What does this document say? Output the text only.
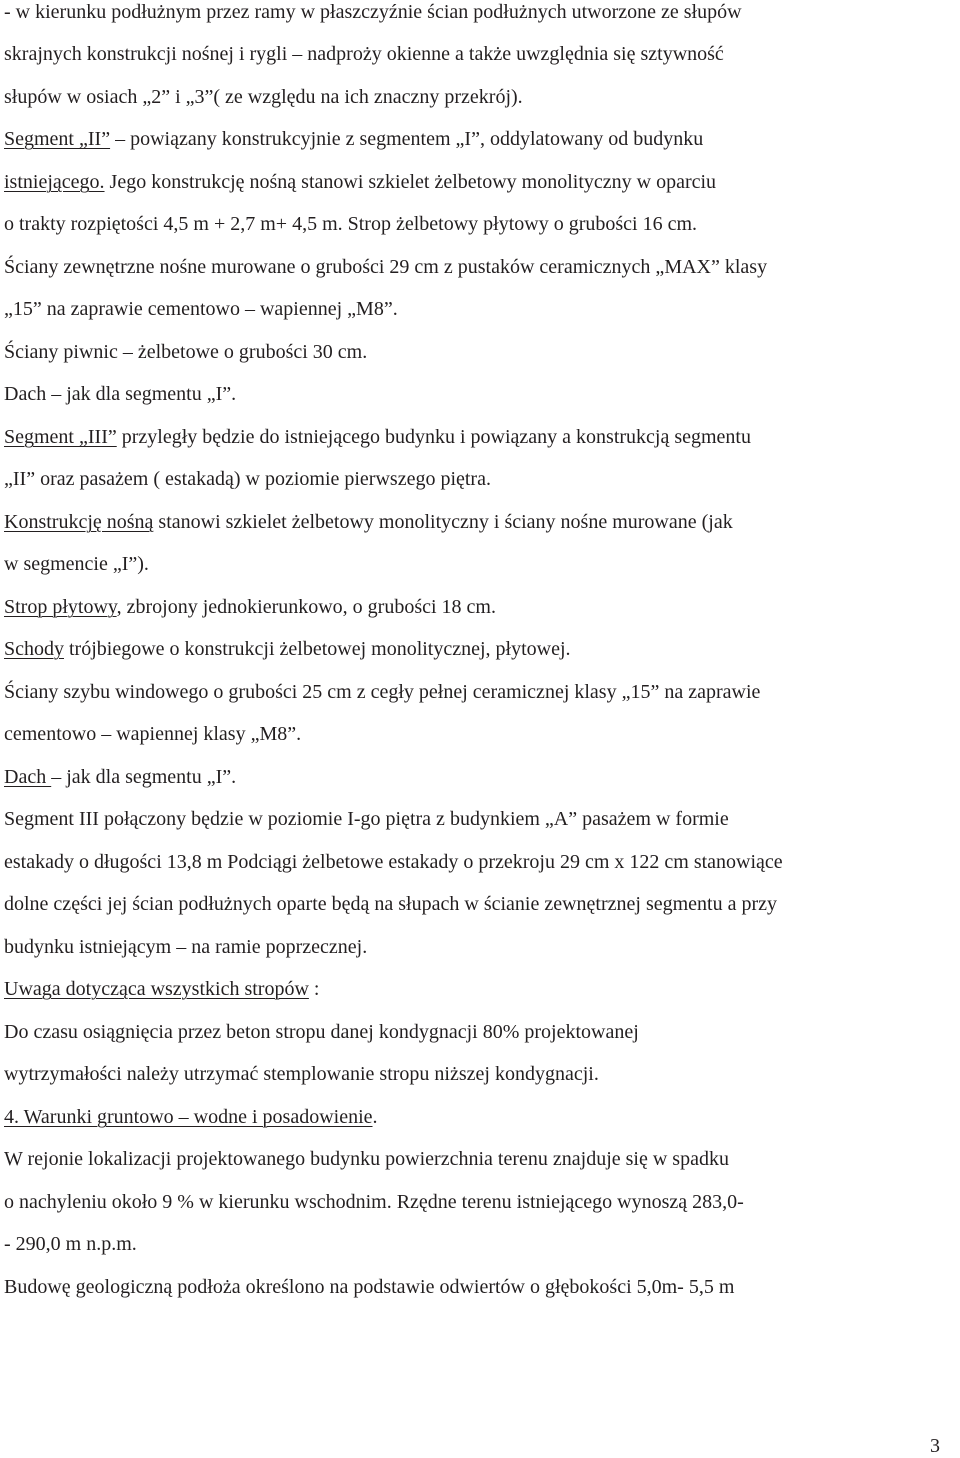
- w kierunku podłużnym przez ramy w płaszczyźnie ścian podłużnych utworzone ze słupów
skrajnych konstrukcji nośnej i rygli – nadproży okienne a także uwzględnia się sztywność
słupów w osiach „2” i „3”( ze względu na ich znaczny przekrój).
Segment „II” – powiązany konstrukcyjnie z segmentem „I”, oddylatowany od budynku
istniejącego. Jego konstrukcję nośną stanowi szkielet żelbetowy monolityczny w oparciu
o trakty rozpiętości 4,5 m + 2,7 m+ 4,5 m. Strop żelbetowy płytowy o grubości 16 cm.
Ściany zewnętrzne nośne murowane o grubości 29 cm z pustaków ceramicznych „MAX” klasy
„15” na zaprawie cementowo – wapiennej „M8”.
Ściany piwnic – żelbetowe o grubości 30 cm.
Dach – jak dla segmentu „I”.
Segment „III” przyległy będzie do istniejącego budynku i powiązany a konstrukcją segmentu
„II” oraz pasażem ( estakadą) w poziomie pierwszego piętra.
Konstrukcję nośną stanowi szkielet żelbetowy monolityczny i ściany nośne murowane (jak
w segmencie „I”).
Strop płytowy, zbrojony jednokierunkowo, o grubości 18 cm.
Schody trójbiegowe o konstrukcji żelbetowej monolitycznej, płytowej.
Ściany szybu windowego o grubości 25 cm z cegły pełnej ceramicznej klasy „15” na zaprawie
cementowo – wapiennej klasy „M8”.
Dach – jak dla segmentu „I”.
Segment III połączony będzie w poziomie I-go piętra z budynkiem „A” pasażem w formie
estakady o długości 13,8 m Podciągi żelbetowe estakady o przekroju 29 cm x 122 cm stanowiące
dolne części jej ścian podłużnych oparte będą na słupach w ścianie zewnętrznej segmentu a przy
budynku istniejącym – na ramie poprzecznej.
Uwaga dotycząca wszystkich stropów :
Do czasu osiągnięcia przez beton stropu danej kondygnacji 80% projektowanej
wytrzymałości należy utrzymać stemplowanie stropu niższej kondygnacji.
4. Warunki gruntowo – wodne i posadowienie.
W rejonie lokalizacji projektowanego budynku powierzchnia terenu znajduje się w spadku
o nachyleniu około 9 % w kierunku wschodnim. Rzędne terenu istniejącego wynoszą 283,0-
- 290,0 m n.p.m.
Budowę geologiczną podłoża określono na podstawie odwiertów o głębokości 5,0m- 5,5 m
3
